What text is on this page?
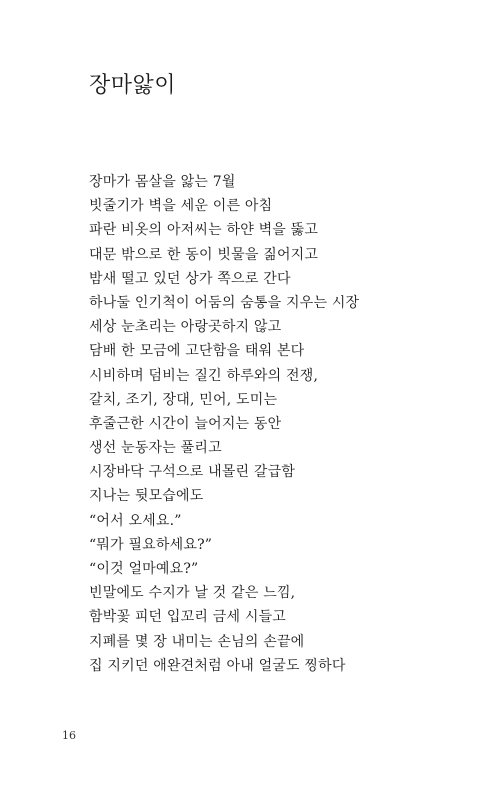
장마앓이
장마가 몸살을 앓는 7월
빗줄기가 벽을 세운 이른 아침
파란 비옷의 아저씨는 하얀 벽을 뚫고
대문 밖으로 한 동이 빗물을 짊어지고
밤새 떨고 있던 상가 쪽으로 간다
하나둘 인기척이 어둠의 숨통을 지우는 시장
세상 눈초리는 아랑곳하지 않고
담배 한 모금에 고단함을 태워 본다
시비하며 덤비는 질긴 하루와의 전쟁,
갈치, 조기, 장대, 민어, 도미는
후줄근한 시간이 늘어지는 동안
생선 눈동자는 풀리고
시장바닥 구석으로 내몰린 갈급함
지나는 뒷모습에도
“어서 오세요.”
“뭐가 필요하세요?”
“이것 얼마예요?”
빈말에도 수지가 날 것 같은 느낌,
함박꽃 피던 입꼬리 금세 시들고
지폐를 몇 장 내미는 손님의 손끝에
집 지키던 애완견처럼 아내 얼굴도 찡하다
16
